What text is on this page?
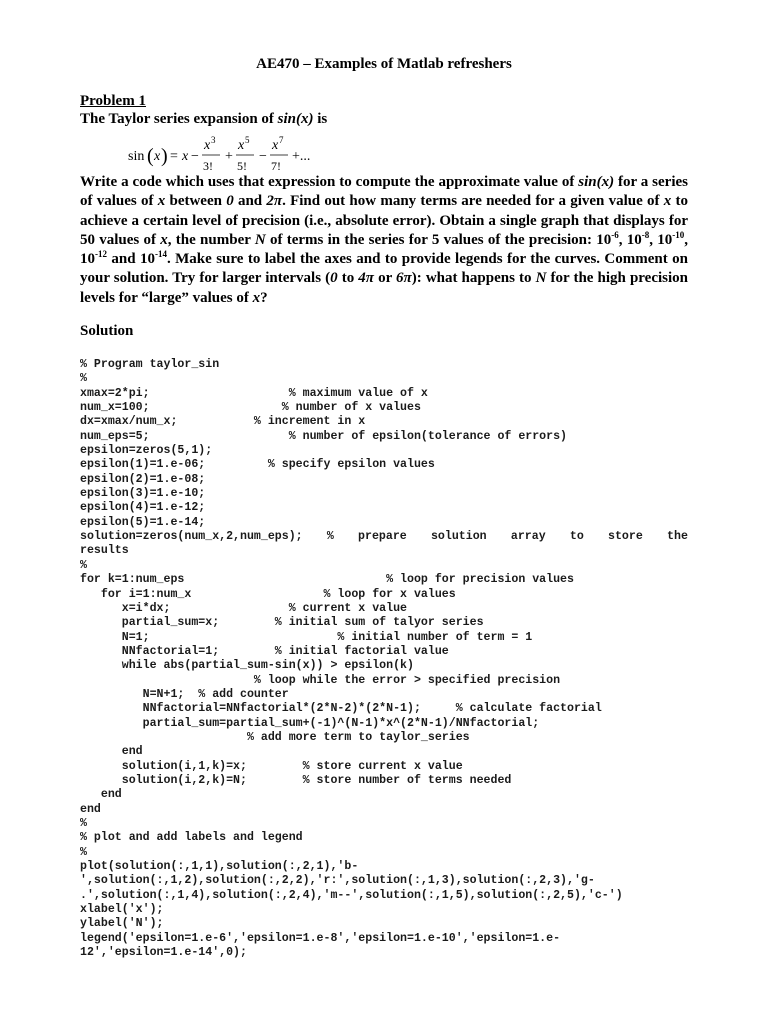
AE470 – Examples of Matlab refreshers
Problem 1
The Taylor series expansion of sin(x) is
sin ( x ) = x −
x 3
3!
+
x 5
5!
−
x 7
7!
+...
Write a code which uses that expression to compute the approximate value of sin(x) for a series of values of x between 0 and 2π. Find out how many terms are needed for a given value of x to achieve a certain level of precision (i.e., absolute error). Obtain a single graph that displays for 50 values of x, the number N of terms in the series for 5 values of the precision: $10^{-6}$, $10^{-8}$, $10^{-10}$, $10^{-12}$ and $10^{-14}$. Make sure to label the axes and to provide legends for the curves. Comment on your solution. Try for larger intervals (0 to 4π or 6π): what happens to N for the high precision levels for “large” values of x?
Solution
% Program taylor_sin
%
xmax=2*pi;                    % maximum value of x
num_x=100;                   % number of x values
dx=xmax/num_x;           % increment in x
num_eps=5;                    % number of epsilon(tolerance of errors)
epsilon=zeros(5,1);
epsilon(1)=1.e-06;         % specify epsilon values
epsilon(2)=1.e-08;
epsilon(3)=1.e-10;
epsilon(4)=1.e-12;
epsilon(5)=1.e-14;
solution=zeros(num_x,2,num_eps); % prepare solution array to store the
results
%
for k=1:num_eps                             % loop for precision values
for i=1:num_x                   % loop for x values
x=i*dx;                 % current x value
partial_sum=x;        % initial sum of talyor series
N=1;                           % initial number of term = 1
NNfactorial=1;        % initial factorial value
while abs(partial_sum-sin(x)) > epsilon(k)
% loop while the error > specified precision
N=N+1;  % add counter
NNfactorial=NNfactorial*(2*N-2)*(2*N-1);     % calculate factorial
partial_sum=partial_sum+(-1)^(N-1)*x^(2*N-1)/NNfactorial;
% add more term to taylor_series
end
solution(i,1,k)=x;        % store current x value
solution(i,2,k)=N;        % store number of terms needed
end
end
%
% plot and add labels and legend
%
plot(solution(:,1,1),solution(:,2,1),'b-
',solution(:,1,2),solution(:,2,2),'r:',solution(:,1,3),solution(:,2,3),'g-
.',solution(:,1,4),solution(:,2,4),'m--',solution(:,1,5),solution(:,2,5),'c-')
xlabel('x');
ylabel('N');
legend('epsilon=1.e-6','epsilon=1.e-8','epsilon=1.e-10','epsilon=1.e-
12','epsilon=1.e-14',0);
